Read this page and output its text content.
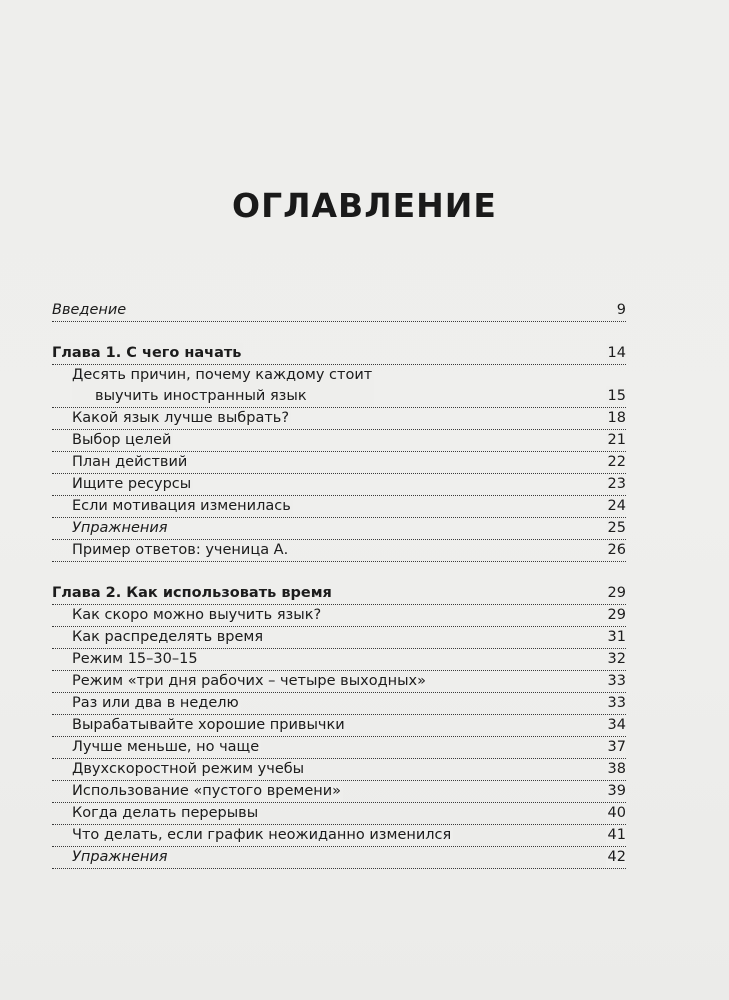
ОГЛАВЛЕНИЕ
Введение	9
Глава 1. С чего начать	14
Десять причин, почему каждому стоит
выучить иностранный язык	15
Какой язык лучше выбрать?	18
Выбор целей	21
План действий	22
Ищите ресурсы	23
Если мотивация изменилась	24
Упражнения	25
Пример ответов: ученица А.	26
Глава 2. Как использовать время	29
Как скоро можно выучить язык?	29
Как распределять время	31
Режим 15–30–15	32
Режим «три дня рабочих – четыре выходных»	33
Раз или два в неделю	33
Вырабатывайте хорошие привычки	34
Лучше меньше, но чаще	37
Двухскоростной режим учебы	38
Использование «пустого времени»	39
Когда делать перерывы	40
Что делать, если график неожиданно изменился	41
Упражнения	42
